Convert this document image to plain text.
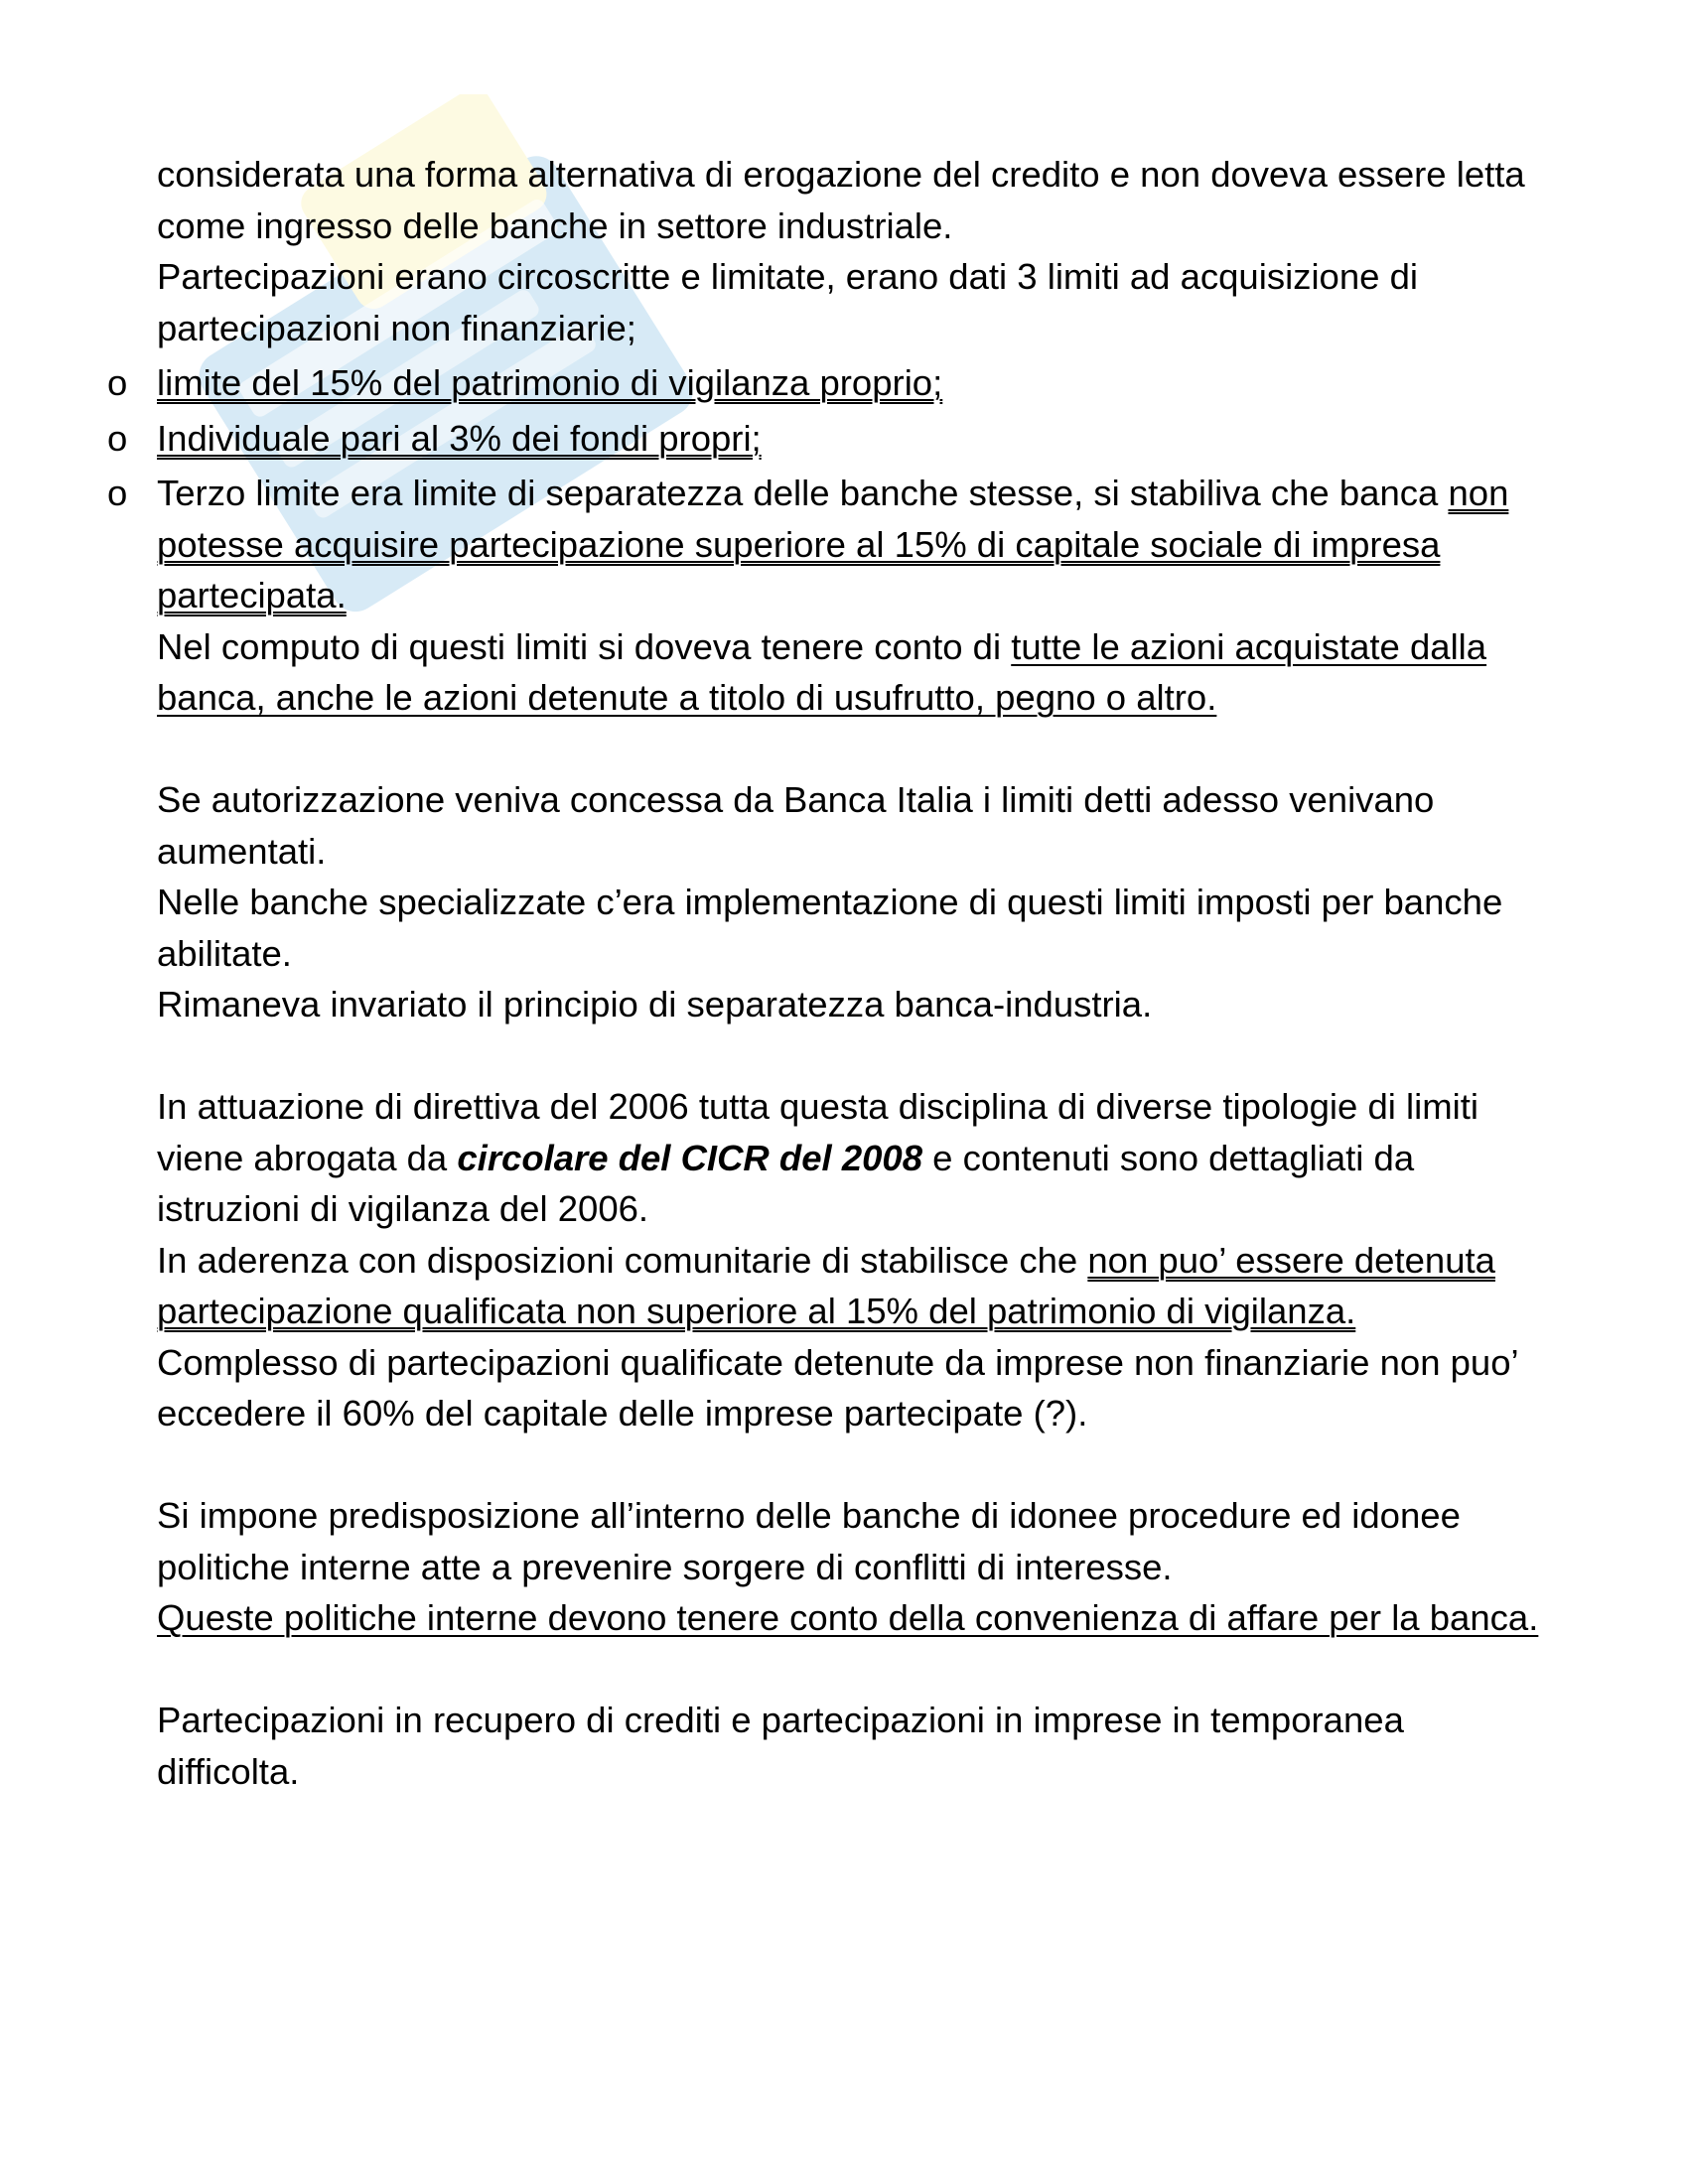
considerata una forma alternativa di erogazione del credito e non doveva essere letta come ingresso delle banche in settore industriale.

Partecipazioni erano circoscritte e limitate, erano dati 3 limiti ad acquisizione di partecipazioni non finanziarie;

o limite del 15% del patrimonio di vigilanza proprio;
o Individuale pari al 3% dei fondi propri;
o Terzo limite era limite di separatezza delle banche stesse, si stabiliva che banca non potesse acquisire partecipazione superiore al 15% di capitale sociale di impresa partecipata.

Nel computo di questi limiti si doveva tenere conto di tutte le azioni acquistate dalla banca, anche le azioni detenute a titolo di usufrutto, pegno o altro.

Se autorizzazione veniva concessa da Banca Italia i limiti detti adesso venivano aumentati.

Nelle banche specializzate c’era implementazione di questi limiti imposti per banche abilitate.

Rimaneva invariato il principio di separatezza banca-industria.

In attuazione di direttiva del 2006 tutta questa disciplina di diverse tipologie di limiti viene abrogata da circolare del CICR del 2008 e contenuti sono dettagliati da istruzioni di vigilanza del 2006.

In aderenza con disposizioni comunitarie di stabilisce che non puo’ essere detenuta partecipazione qualificata non superiore al 15% del patrimonio di vigilanza.

Complesso di partecipazioni qualificate detenute da imprese non finanziarie non puo’ eccedere il 60% del capitale delle imprese partecipate (?).

Si impone predisposizione all’interno delle banche di idonee procedure ed idonee politiche interne atte a prevenire sorgere di conflitti di interesse.

Queste politiche interne devono tenere conto della convenienza di affare per la banca.

Partecipazioni in recupero di crediti e partecipazioni in imprese in temporanea difficolta.
